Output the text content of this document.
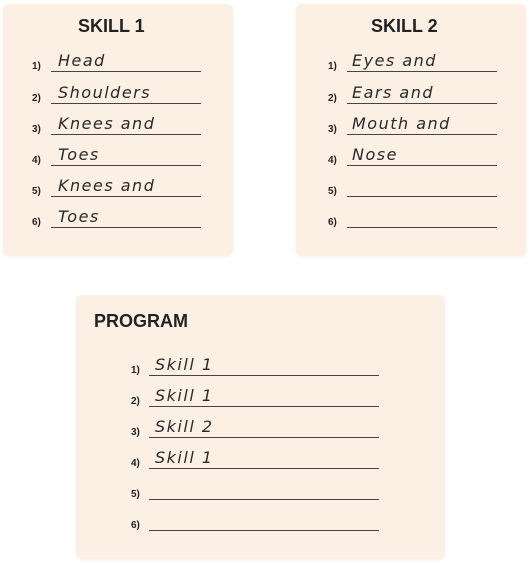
SKILL 1
1) Head
2) Shoulders
3) Knees and
4) Toes
5) Knees and
6) Toes
SKILL 2
1) Eyes and
2) Ears and
3) Mouth and
4) Nose
5)
6)
PROGRAM
1) Skill 1
2) Skill 1
3) Skill 2
4) Skill 1
5)
6)
